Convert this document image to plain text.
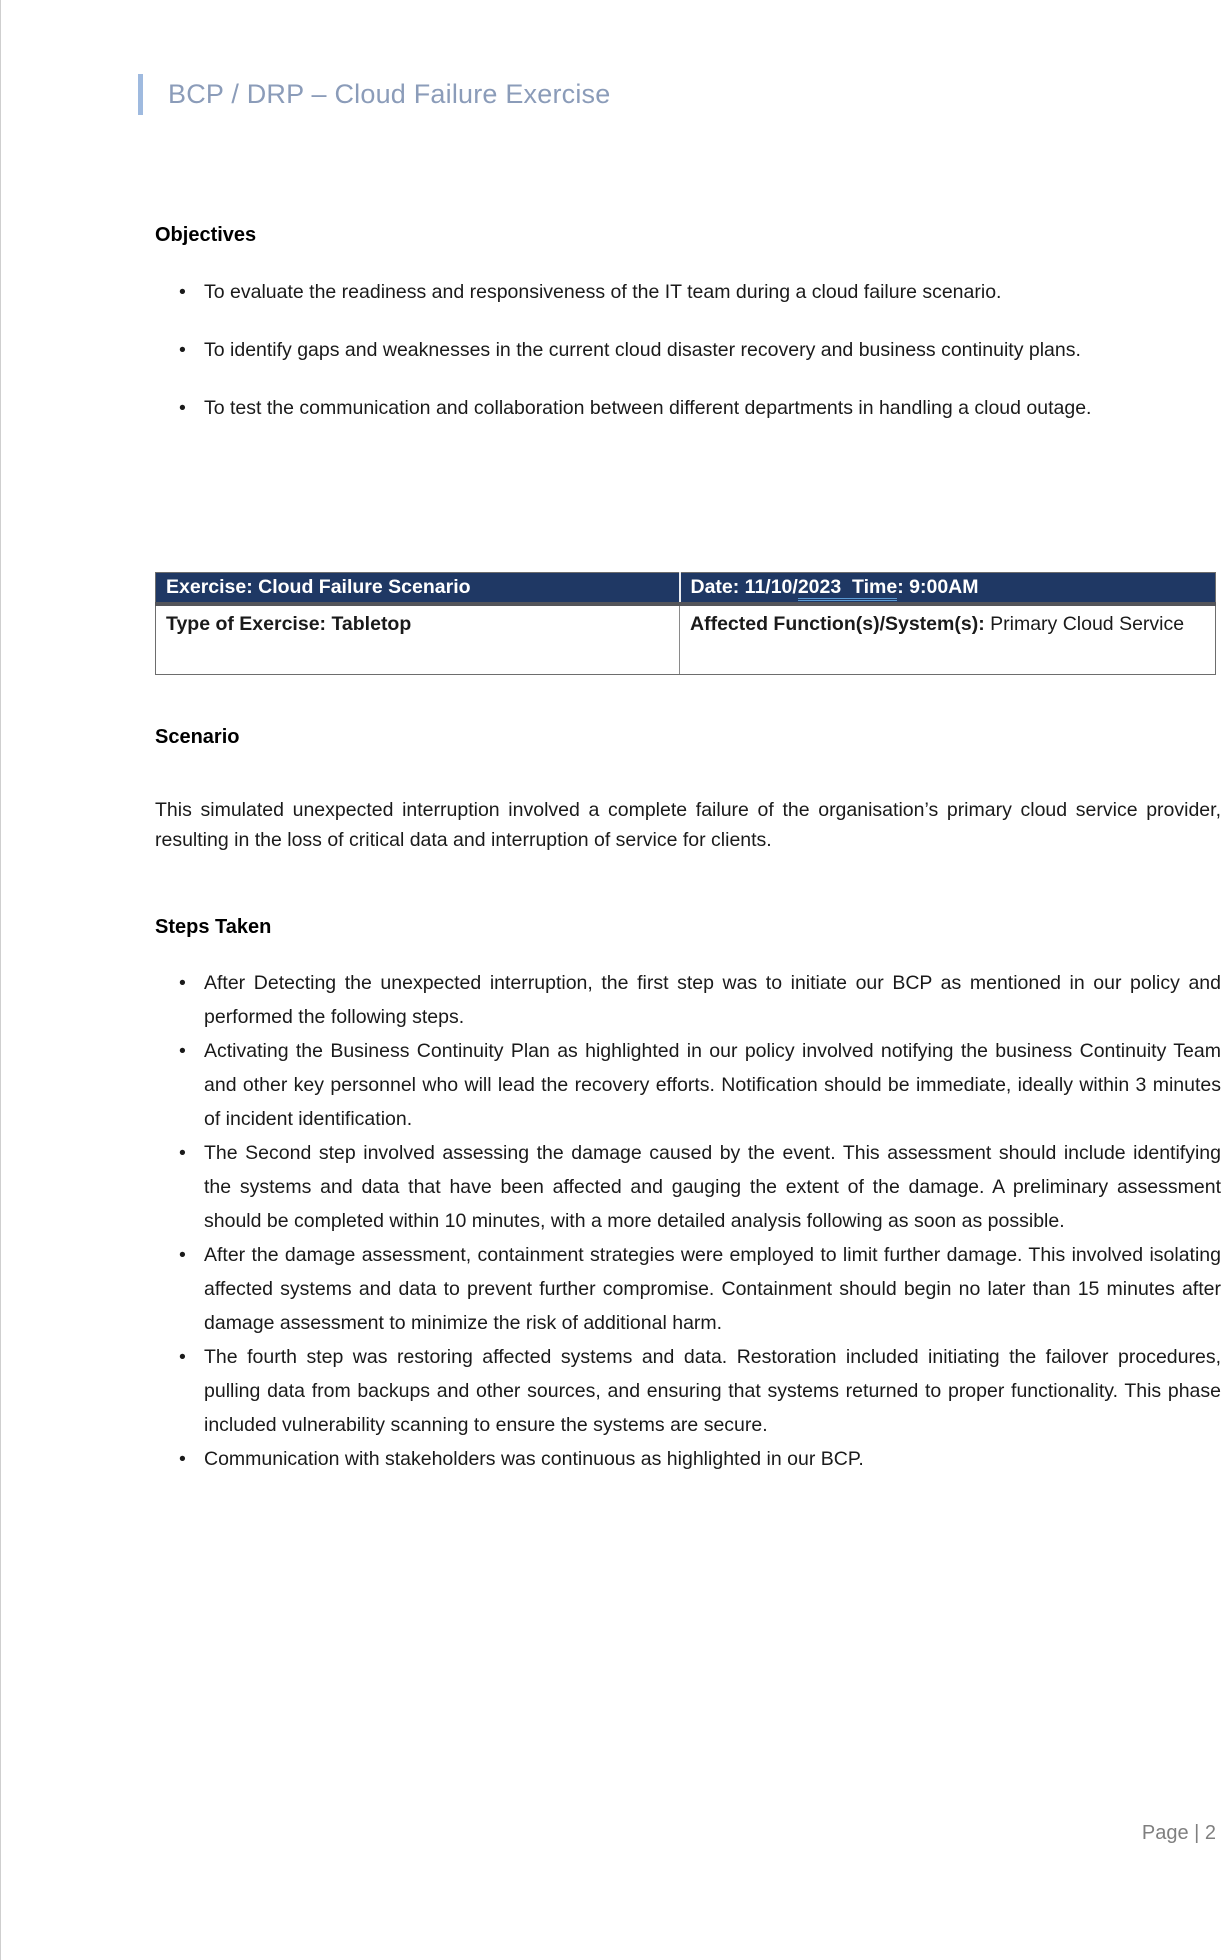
BCP / DRP – Cloud Failure Exercise
Objectives
• To evaluate the readiness and responsiveness of the IT team during a cloud failure scenario.
• To identify gaps and weaknesses in the current cloud disaster recovery and business continuity plans.
• To test the communication and collaboration between different departments in handling a cloud outage.
Exercise: Cloud Failure Scenario	Date: 11/10/2023  Time: 9:00AM
Type of Exercise: Tabletop	Affected Function(s)/System(s): Primary Cloud Service
Scenario

This simulated unexpected interruption involved a complete failure of the organisation’s primary cloud service provider, resulting in the loss of critical data and interruption of service for clients.

Steps Taken
• After Detecting the unexpected interruption, the first step was to initiate our BCP as mentioned in our policy and performed the following steps.
• Activating the Business Continuity Plan as highlighted in our policy involved notifying the business Continuity Team and other key personnel who will lead the recovery efforts. Notification should be immediate, ideally within 3 minutes of incident identification.
• The Second step involved assessing the damage caused by the event. This assessment should include identifying the systems and data that have been affected and gauging the extent of the damage. A preliminary assessment should be completed within 10 minutes, with a more detailed analysis following as soon as possible.
• After the damage assessment, containment strategies were employed to limit further damage. This involved isolating affected systems and data to prevent further compromise. Containment should begin no later than 15 minutes after damage assessment to minimize the risk of additional harm.
• The fourth step was restoring affected systems and data. Restoration included initiating the failover procedures, pulling data from backups and other sources, and ensuring that systems returned to proper functionality. This phase included vulnerability scanning to ensure the systems are secure.
• Communication with stakeholders was continuous as highlighted in our BCP.
Page | 2
